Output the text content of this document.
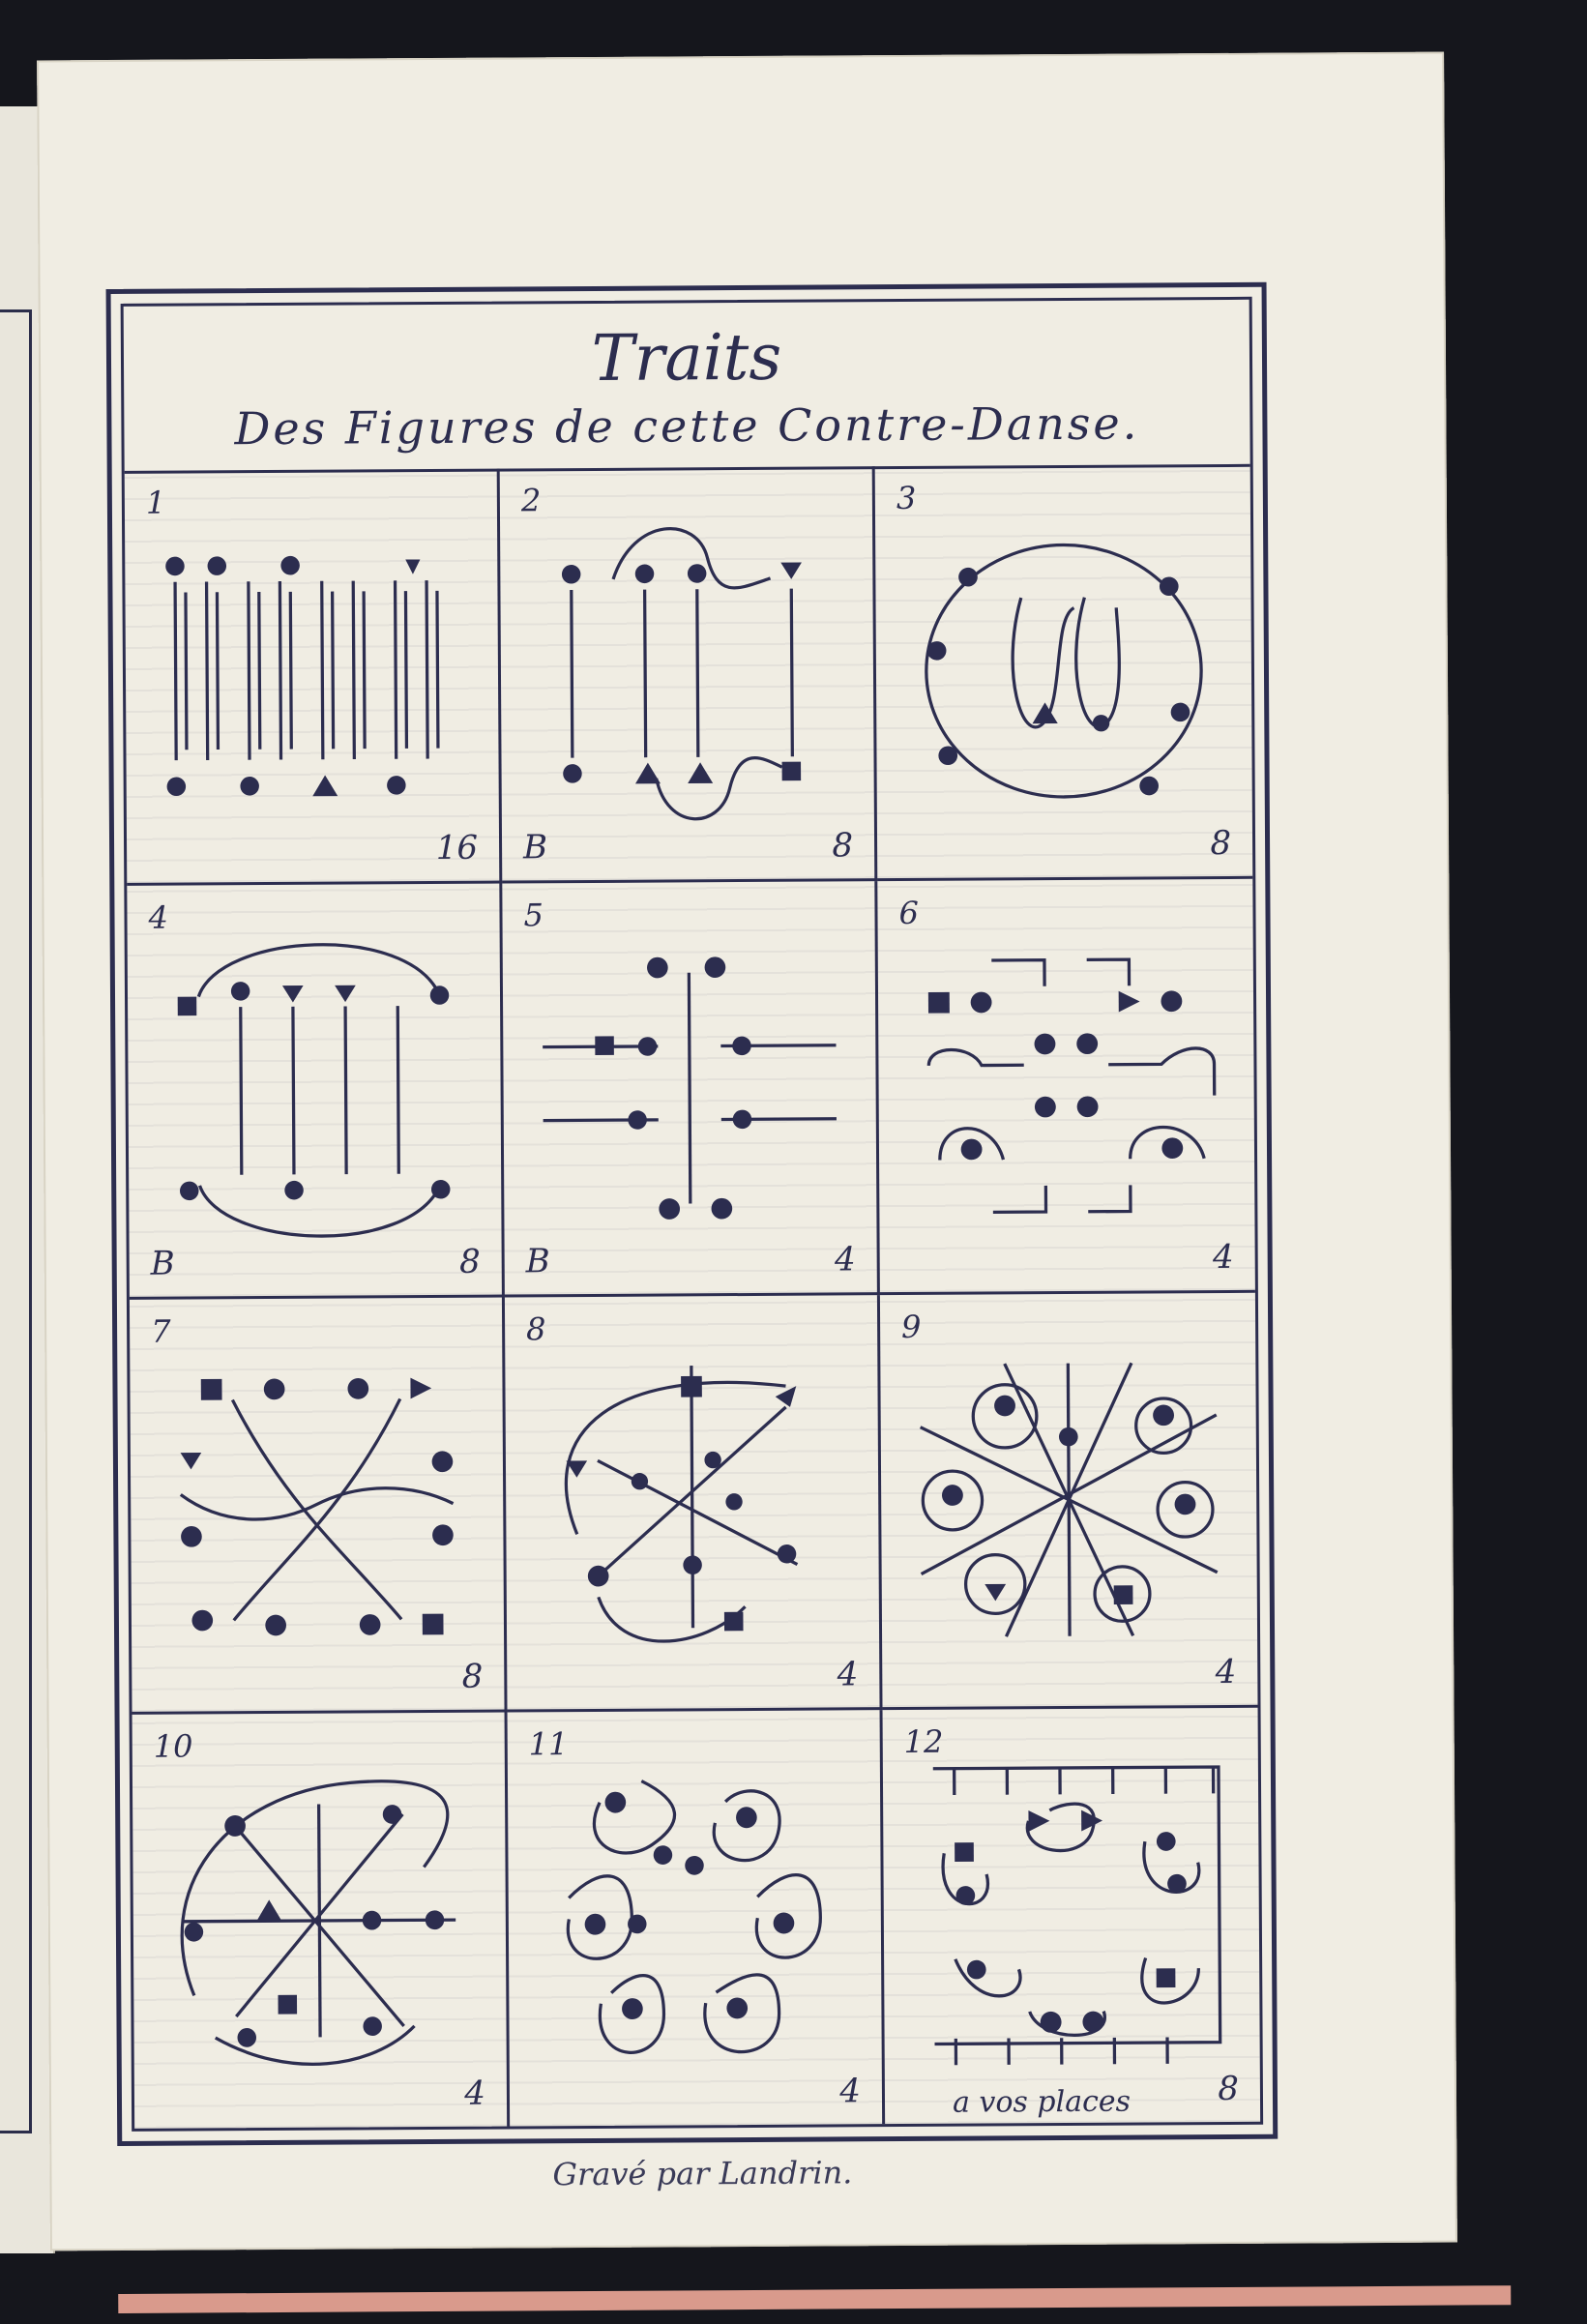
Traits
Des Figures de cette Contre-Danse.
1
16
2
B	8
3
8
4
B	8
5
B	4
6
4
7
8
8
4
9
4
10
4
11
4
12
a vos places	8
Gravé par Landrin.
